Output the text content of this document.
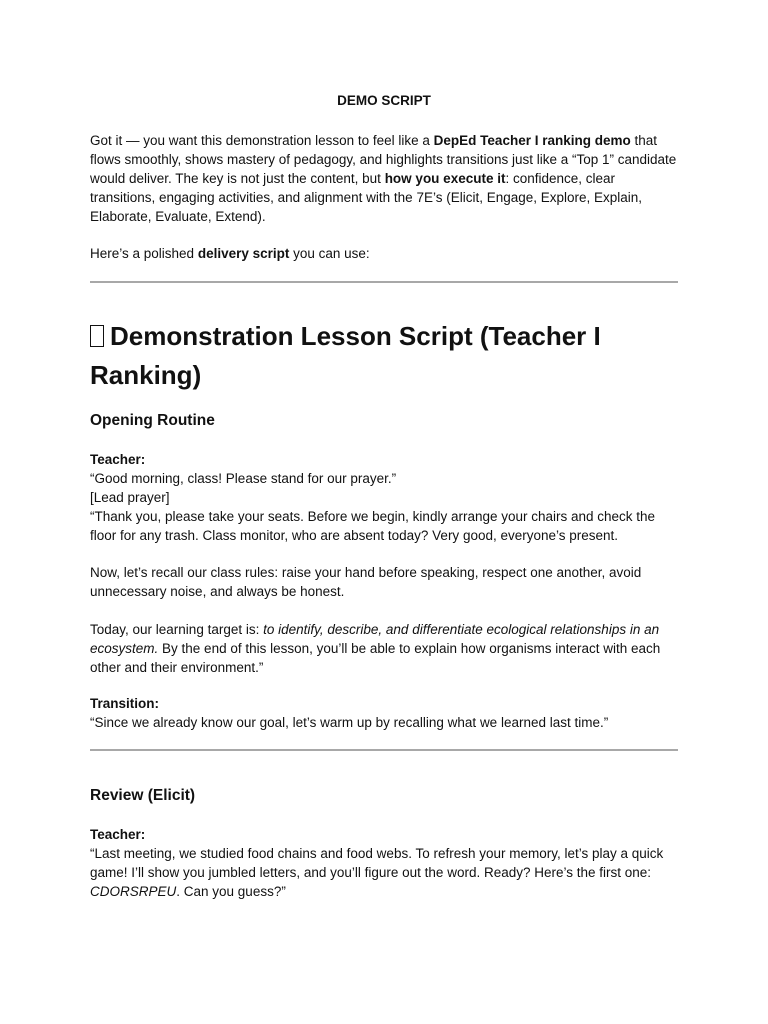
DEMO SCRIPT

Got it — you want this demonstration lesson to feel like a DepEd Teacher I ranking demo that flows smoothly, shows mastery of pedagogy, and highlights transitions just like a “Top 1” candidate would deliver. The key is not just the content, but how you execute it: confidence, clear transitions, engaging activities, and alignment with the 7E’s (Elicit, Engage, Explore, Explain, Elaborate, Evaluate, Extend).

Here’s a polished delivery script you can use:

Demonstration Lesson Script (Teacher I Ranking)
Opening Routine

Teacher:

“Good morning, class! Please stand for our prayer.”

[Lead prayer]

“Thank you, please take your seats. Before we begin, kindly arrange your chairs and check the floor for any trash. Class monitor, who are absent today? Very good, everyone’s present.

Now, let’s recall our class rules: raise your hand before speaking, respect one another, avoid unnecessary noise, and always be honest.

Today, our learning target is: to identify, describe, and differentiate ecological relationships in an ecosystem. By the end of this lesson, you’ll be able to explain how organisms interact with each other and their environment.”

Transition:

“Since we already know our goal, let’s warm up by recalling what we learned last time.”

Review (Elicit)

Teacher:

“Last meeting, we studied food chains and food webs. To refresh your memory, let’s play a quick game! I’ll show you jumbled letters, and you’ll figure out the word. Ready? Here’s the first one: CDORSRPEU. Can you guess?”
